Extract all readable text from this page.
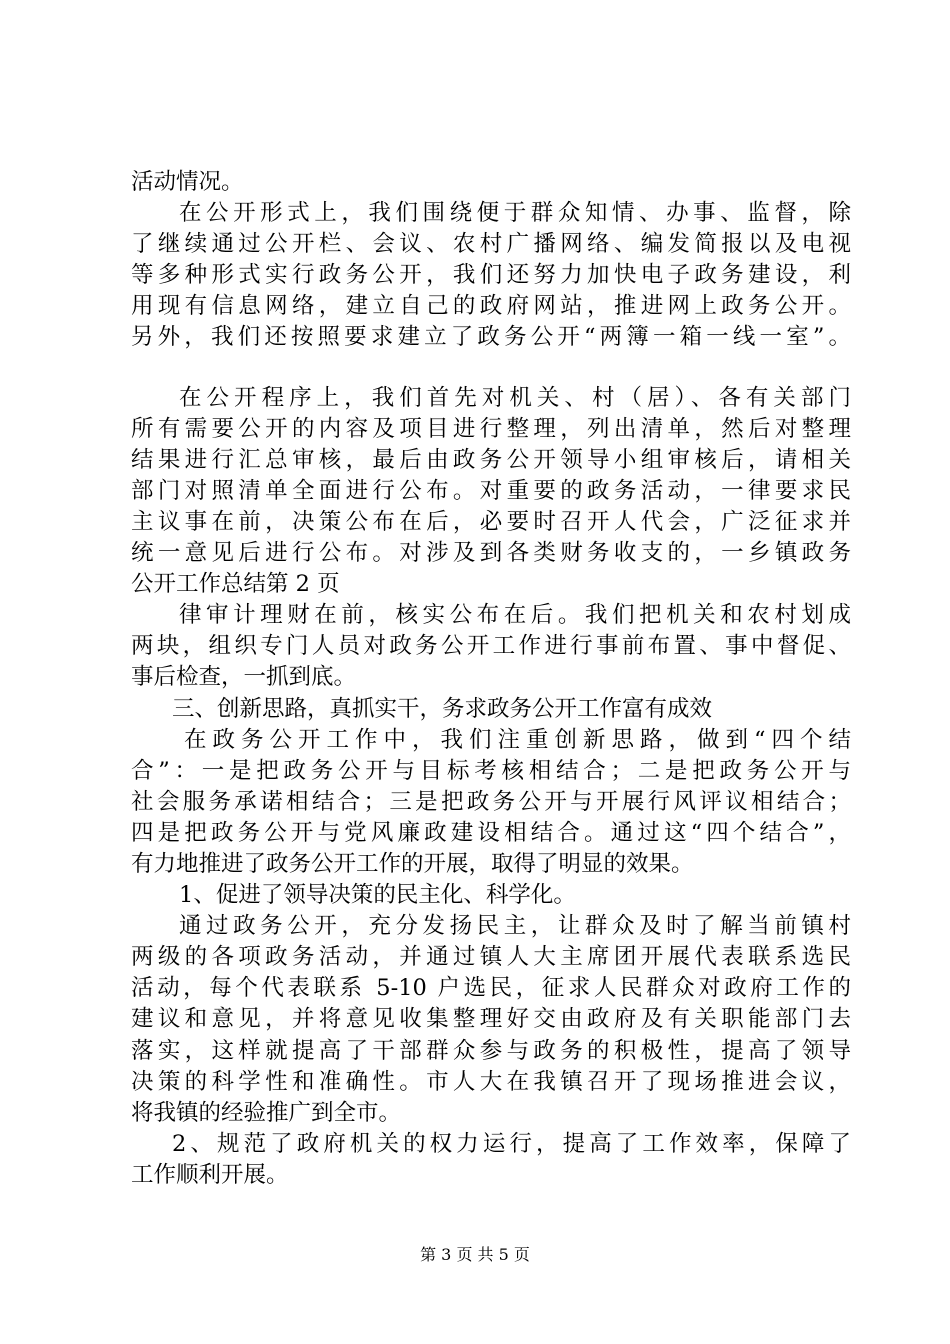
活动情况。
在公开形式上，我们围绕便于群众知情、办事、监督，除
了继续通过公开栏、会议、农村广播网络、编发简报以及电视
等多种形式实行政务公开，我们还努力加快电子政务建设，利
用现有信息网络，建立自己的政府网站，推进网上政务公开。
另外，我们还按照要求建立了政务公开“两簿一箱一线一室”。
在公开程序上，我们首先对机关、村（居）、各有关部门
所有需要公开的内容及项目进行整理，列出清单，然后对整理
结果进行汇总审核，最后由政务公开领导小组审核后，请相关
部门对照清单全面进行公布。对重要的政务活动，一律要求民
主议事在前，决策公布在后，必要时召开人代会，广泛征求并
统一意见后进行公布。对涉及到各类财务收支的，一乡镇政务
公开工作总结第 2 页
律审计理财在前，核实公布在后。我们把机关和农村划成
两块，组织专门人员对政务公开工作进行事前布置、事中督促、
事后检查，一抓到底。
三、创新思路，真抓实干，务求政务公开工作富有成效
在政务公开工作中，我们注重创新思路，做到“四个结
合”：一是把政务公开与目标考核相结合；二是把政务公开与
社会服务承诺相结合；三是把政务公开与开展行风评议相结合；
四是把政务公开与党风廉政建设相结合。通过这“四个结合”，
有力地推进了政务公开工作的开展，取得了明显的效果。
1、促进了领导决策的民主化、科学化。
通过政务公开，充分发扬民主，让群众及时了解当前镇村
两级的各项政务活动，并通过镇人大主席团开展代表联系选民
活动，每个代表联系 5-10 户选民，征求人民群众对政府工作的
建议和意见，并将意见收集整理好交由政府及有关职能部门去
落实，这样就提高了干部群众参与政务的积极性，提高了领导
决策的科学性和准确性。市人大在我镇召开了现场推进会议，
将我镇的经验推广到全市。
2、规范了政府机关的权力运行，提高了工作效率，保障了
工作顺利开展。
第 3 页 共 5 页
